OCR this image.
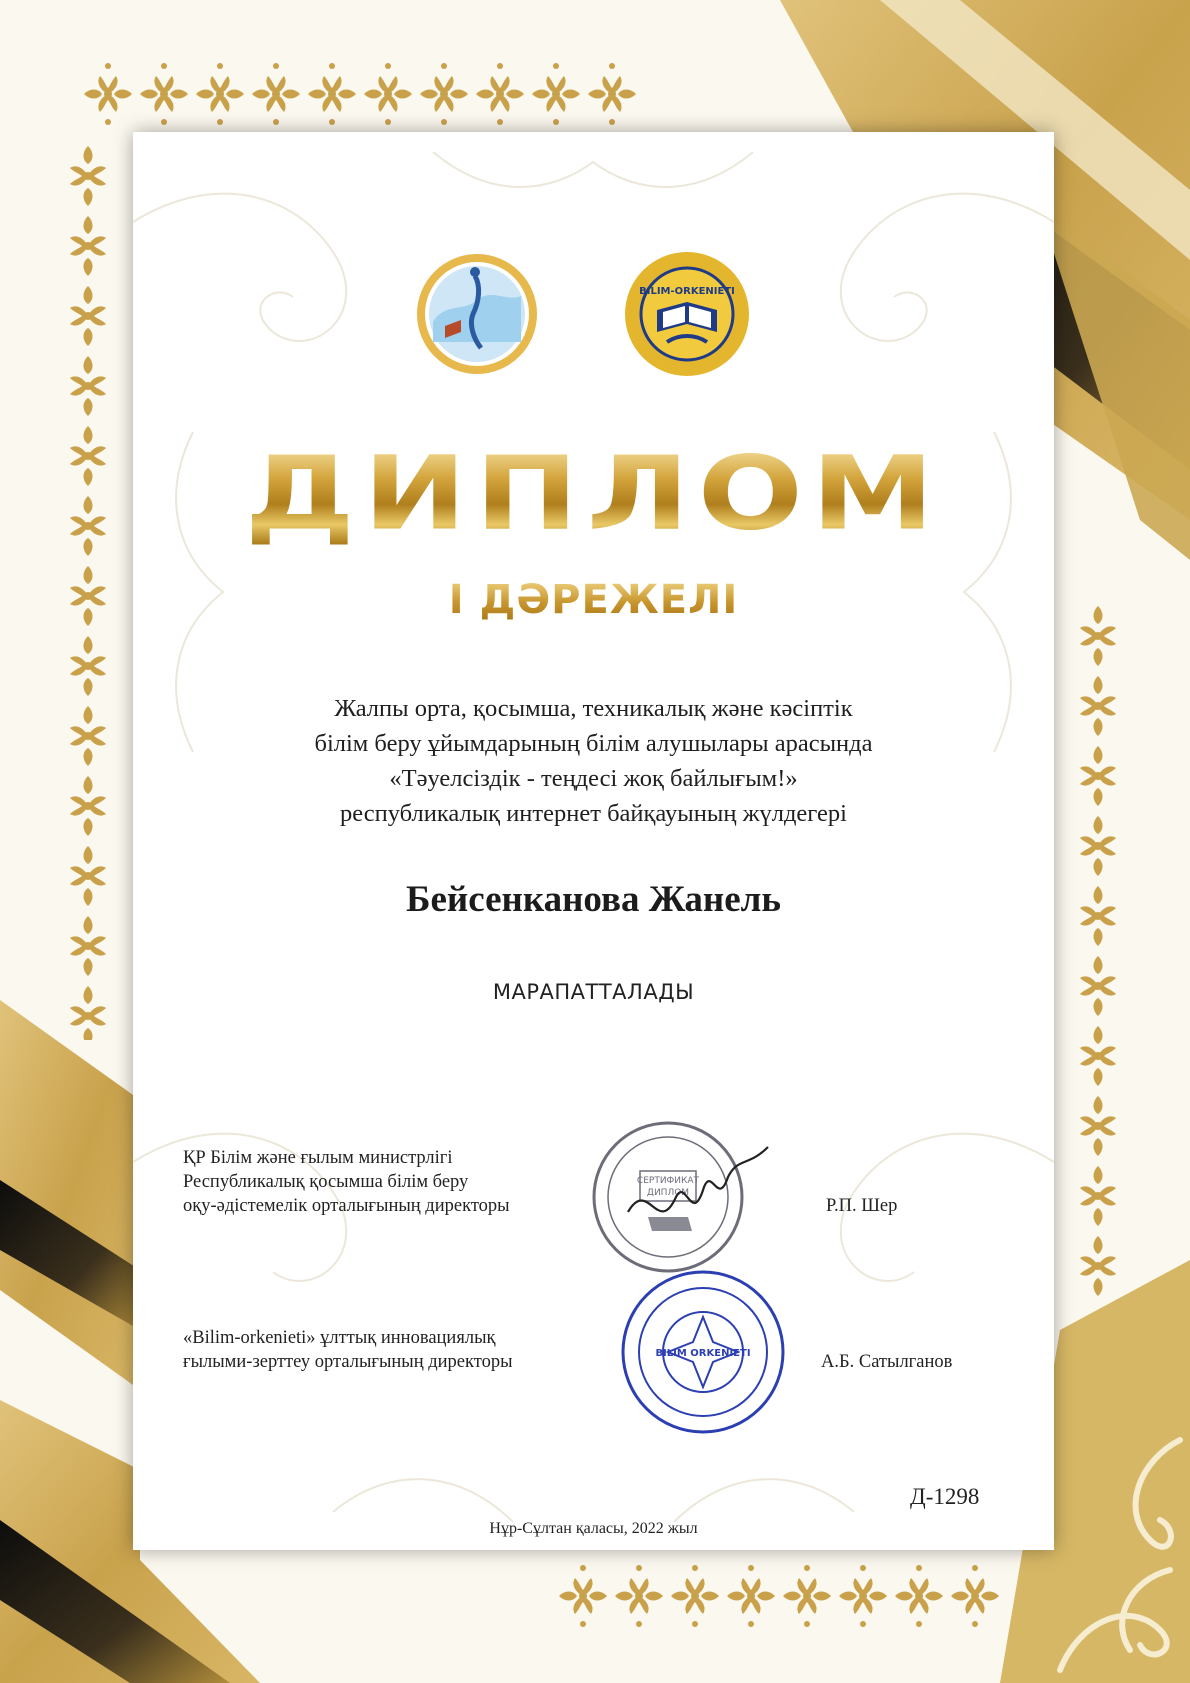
BILIM-ORKENIETI
ДИПЛОМ
І ДӘРЕЖЕЛІ
Жалпы орта, қосымша, техникалық және кәсіптік
білім беру ұйымдарының білім алушылары арасында
«Тәуелсіздік - теңдесі жоқ байлығым!»
республикалық интернет байқауының жүлдегері
Бейсенканова Жанель
МАРАПАТТАЛАДЫ
ҚР Білім және ғылым министрлігі
Республикалық қосымша білім беру
оқу-әдістемелік орталығының директоры	Р.П. Шер
СЕРТИФИКАТ
ДИПЛОМ
«Bilim-orkenieti» ұлттық инновациялық
ғылыми-зерттеу орталығының директоры	А.Б. Сатылганов
BILIM ORKENIETI
Д-1298
Нұр-Сұлтан қаласы, 2022 жыл
